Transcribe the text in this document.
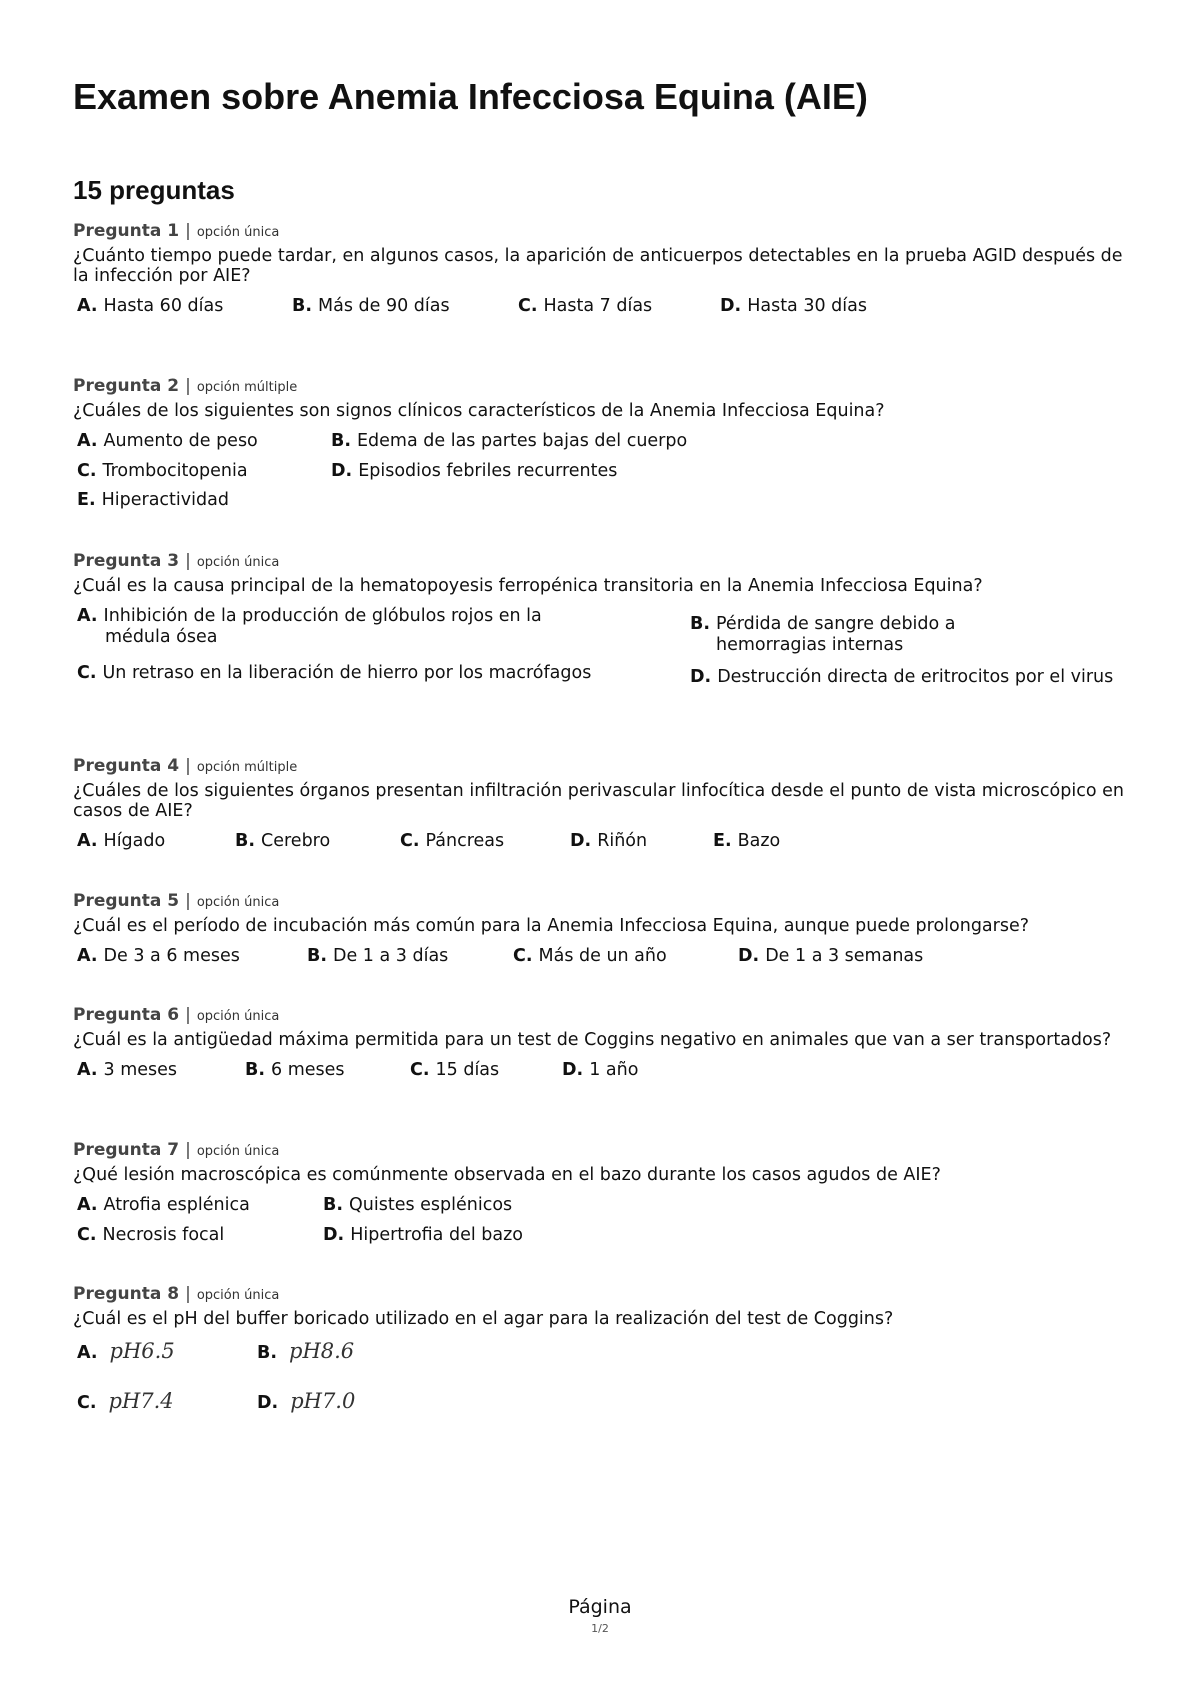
Examen sobre Anemia Infecciosa Equina (AIE)
15 preguntas
Pregunta 1 | opción única
¿Cuánto tiempo puede tardar, en algunos casos, la aparición de anticuerpos detectables en la prueba AGID después de la infección por AIE?
A. Hasta 60 días	B. Más de 90 días	C. Hasta 7 días	D. Hasta 30 días
Pregunta 2 | opción múltiple
¿Cuáles de los siguientes son signos clínicos característicos de la Anemia Infecciosa Equina?
A. Aumento de peso	B. Edema de las partes bajas del cuerpo
C. Trombocitopenia	D. Episodios febriles recurrentes
E. Hiperactividad
Pregunta 3 | opción única
¿Cuál es la causa principal de la hematopoyesis ferropénica transitoria en la Anemia Infecciosa Equina?
A. Inhibición de la producción de glóbulos rojos en la médula ósea
B. Pérdida de sangre debido a hemorragias internas
C. Un retraso en la liberación de hierro por los macrófagos	D. Destrucción directa de eritrocitos por el virus
Pregunta 4 | opción múltiple
¿Cuáles de los siguientes órganos presentan infiltración perivascular linfocítica desde el punto de vista microscópico en casos de AIE?
A. Hígado	B. Cerebro	C. Páncreas	D. Riñón	E. Bazo
Pregunta 5 | opción única
¿Cuál es el período de incubación más común para la Anemia Infecciosa Equina, aunque puede prolongarse?
A. De 3 a 6 meses	B. De 1 a 3 días	C. Más de un año	D. De 1 a 3 semanas
Pregunta 6 | opción única
¿Cuál es la antigüedad máxima permitida para un test de Coggins negativo en animales que van a ser transportados?
A. 3 meses	B. 6 meses	C. 15 días	D. 1 año
Pregunta 7 | opción única
¿Qué lesión macroscópica es comúnmente observada en el bazo durante los casos agudos de AIE?
A. Atrofia esplénica	B. Quistes esplénicos
C. Necrosis focal	D. Hipertrofia del bazo
Pregunta 8 | opción única
¿Cuál es el pH del buffer boricado utilizado en el agar para la realización del test de Coggins?
A. pH6.5	B. pH8.6
C. pH7.4	D. pH7.0
Página
1/2
